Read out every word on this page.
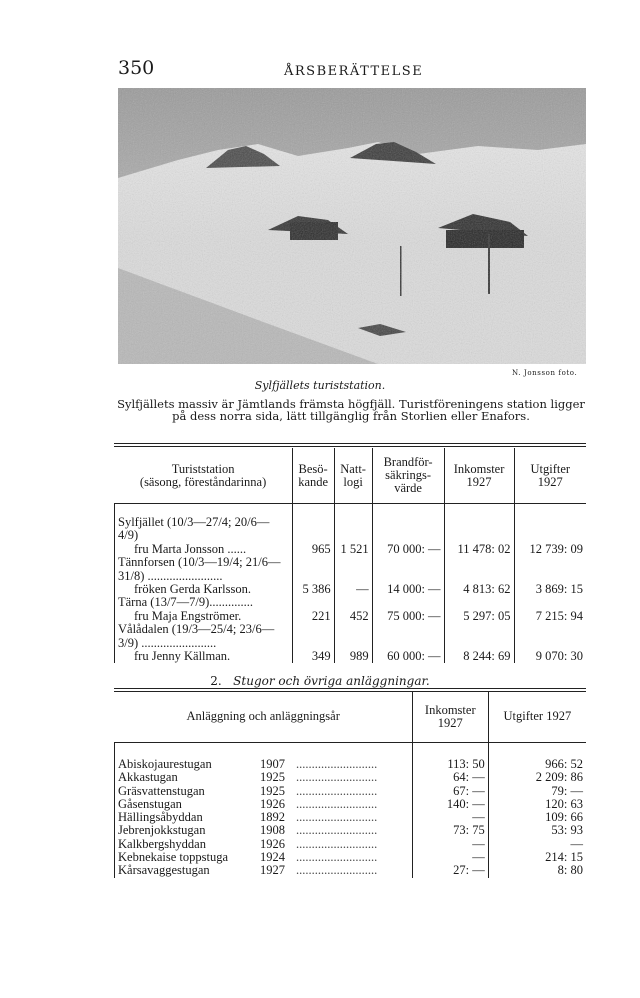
350	ÅRSBERÄTTELSE
N. Jonsson foto.
Sylfjällets turiststation.
Sylfjällets massiv är Jämtlands främsta högfjäll. Turistföreningens station ligger på dess norra sida, lätt tillgänglig från Storlien eller Enafors.
Turiststation
(säsong, föreståndarinna)	Besö-kande	Natt-logi	Brandför-säkrings-värde	Inkomster 1927	Utgifter 1927

Sylfjället (10/3—27/4; 20/6—4/9)
fru Marta Jonsson ......	965	1 521	70 000: —	11 478: 02	12 739: 09
Tännforsen (10/3—19/4; 21/6—31/8) ........................
fröken Gerda Karlsson.	5 386	—	14 000: —	4 813: 62	3 869: 15
Tärna (13/7—7/9)..............
fru Maja Engströmer.	221	452	75 000: —	5 297: 05	7 215: 94
Vålådalen (19/3—25/4; 23/6—3/9) ........................
fru Jenny Källman.	349	989	60 000: —	8 244: 69	9 070: 30
2. Stugor och övriga anläggningar.
Anläggning och anläggningsår	Inkomster 1927	Utgifter 1927

Abiskojaurestugan 1907 ..........................	113: 50	966: 52
Akkastugan 1925 ..........................	64: —	2 209: 86
Gräsvattenstugan 1925 ..........................	67: —	79: —
Gåsenstugan 1926 ..........................	140: —	120: 63
Hällingsåbyddan 1892 ..........................	—	109: 66
Jebrenjokkstugan 1908 ..........................	73: 75	53: 93
Kalkbergshyddan 1926 ..........................	—	—
Kebnekaise toppstuga 1924 ..........................	—	214: 15
Kårsavaggestugan 1927 ..........................	27: —	8: 80
